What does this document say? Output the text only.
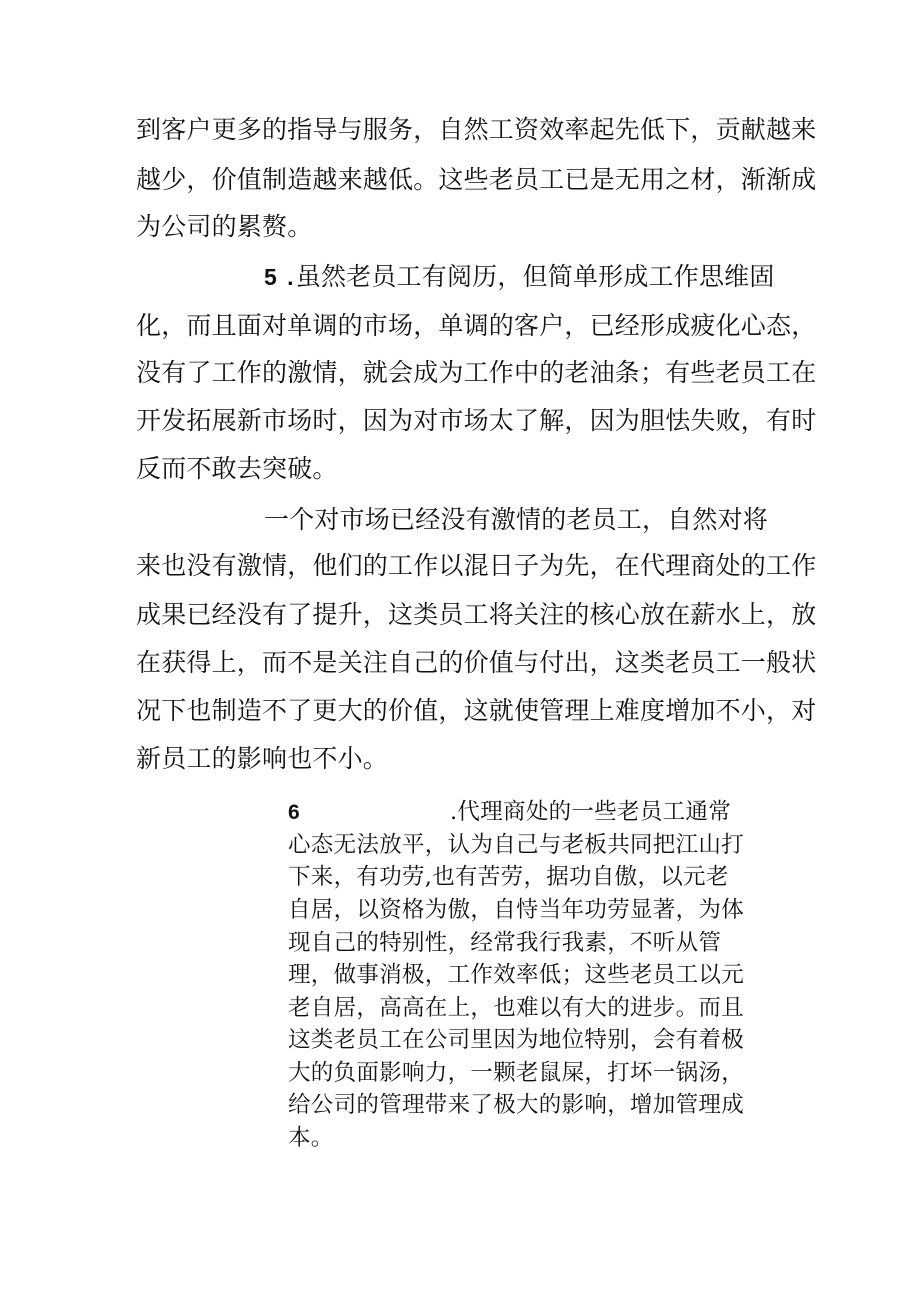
到客户更多的指导与服务，自然工资效率起先低下，贡献越来
越少，价值制造越来越低。这些老员工已是无用之材，渐渐成
为公司的累赘。
5 .虽然老员工有阅历，但简单形成工作思维固
化，而且面对单调的市场，单调的客户，已经形成疲化心态，
没有了工作的激情，就会成为工作中的老油条；有些老员工在
开发拓展新市场时，因为对市场太了解，因为胆怯失败，有时
反而不敢去突破。
一个对市场已经没有激情的老员工，自然对将
来也没有激情，他们的工作以混日子为先，在代理商处的工作
成果已经没有了提升，这类员工将关注的核心放在薪水上，放
在获得上，而不是关注自己的价值与付出，这类老员工一般状
况下也制造不了更大的价值，这就使管理上难度增加不小，对
新员工的影响也不小。
6	.代理商处的一些老员工通常
心态无法放平，认为自己与老板共同把江山打
下来，有功劳,也有苦劳，据功自傲，以元老
自居，以资格为傲，自恃当年功劳显著，为体
现自己的特别性，经常我行我素，不听从管
理，做事消极，工作效率低；这些老员工以元
老自居，高高在上，也难以有大的进步。而且
这类老员工在公司里因为地位特别，会有着极
大的负面影响力，一颗老鼠屎，打坏一锅汤，
给公司的管理带来了极大的影响，增加管理成
本。
